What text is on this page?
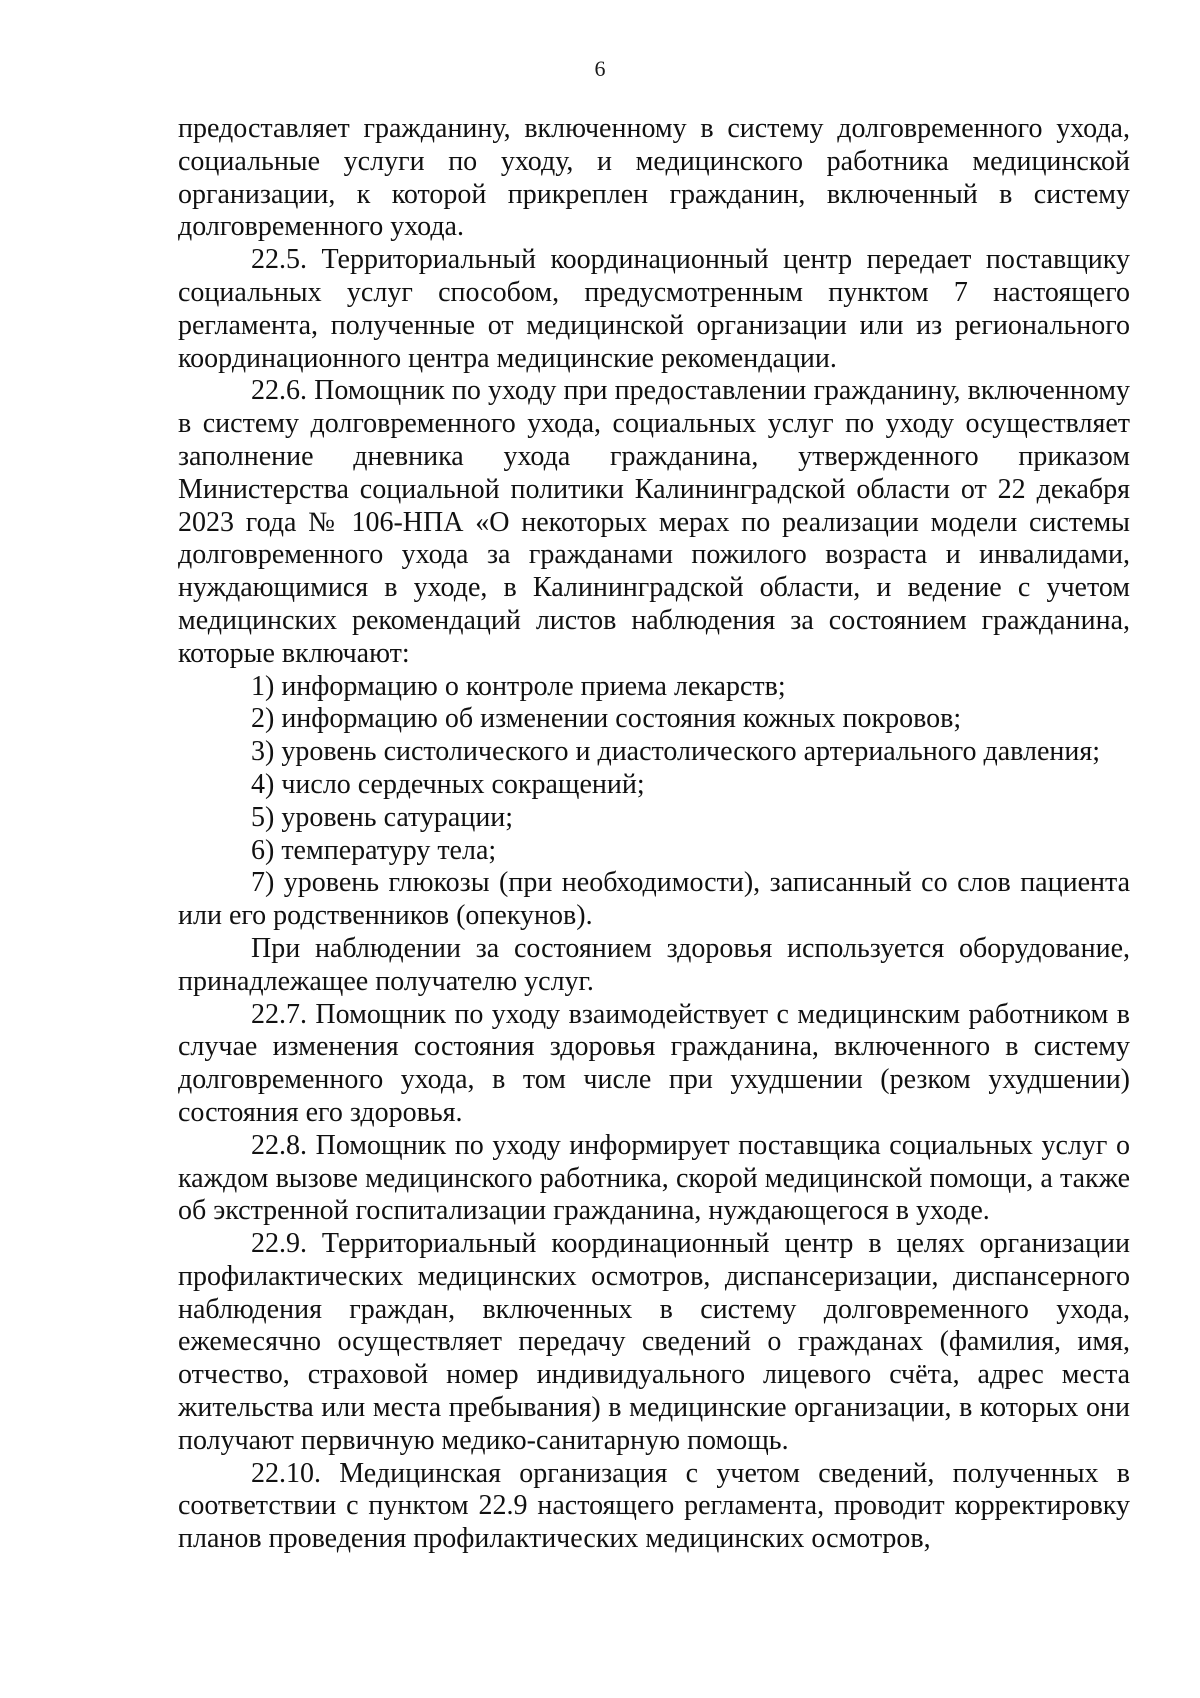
6

предоставляет гражданину, включенному в систему долговременного ухода, социальные услуги по уходу, и медицинского работника медицинской организации, к которой прикреплен гражданин, включенный в систему долговременного ухода.

22.5. Территориальный координационный центр передает поставщику социальных услуг способом, предусмотренным пунктом 7 настоящего регламента, полученные от медицинской организации или из регионального координационного центра медицинские рекомендации.

22.6. Помощник по уходу при предоставлении гражданину, включенному в систему долговременного ухода, социальных услуг по уходу осуществляет заполнение дневника ухода гражданина, утвержденного приказом Министерства социальной политики Калининградской области от 22 декабря 2023 года № 106-НПА «О некоторых мерах по реализации модели системы долговременного ухода за гражданами пожилого возраста и инвалидами, нуждающимися в уходе, в Калининградской области, и ведение с учетом медицинских рекомендаций листов наблюдения за состоянием гражданина, которые включают:

1) информацию о контроле приема лекарств;

2) информацию об изменении состояния кожных покровов;

3) уровень систолического и диастолического артериального давления;

4) число сердечных сокращений;

5) уровень сатурации;

6) температуру тела;

7) уровень глюкозы (при необходимости), записанный со слов пациента или его родственников (опекунов).

При наблюдении за состоянием здоровья используется оборудование, принадлежащее получателю услуг.

22.7. Помощник по уходу взаимодействует с медицинским работником в случае изменения состояния здоровья гражданина, включенного в систему долговременного ухода, в том числе при ухудшении (резком ухудшении) состояния его здоровья.

22.8. Помощник по уходу информирует поставщика социальных услуг о каждом вызове медицинского работника, скорой медицинской помощи, а также об экстренной госпитализации гражданина, нуждающегося в уходе.

22.9. Территориальный координационный центр в целях организации профилактических медицинских осмотров, диспансеризации, диспансерного наблюдения граждан, включенных в систему долговременного ухода, ежемесячно осуществляет передачу сведений о гражданах (фамилия, имя, отчество, страховой номер индивидуального лицевого счёта, адрес места жительства или места пребывания) в медицинские организации, в которых они получают первичную медико-санитарную помощь.

22.10. Медицинская организация с учетом сведений, полученных в соответствии с пунктом 22.9 настоящего регламента, проводит корректировку планов проведения профилактических медицинских осмотров,
